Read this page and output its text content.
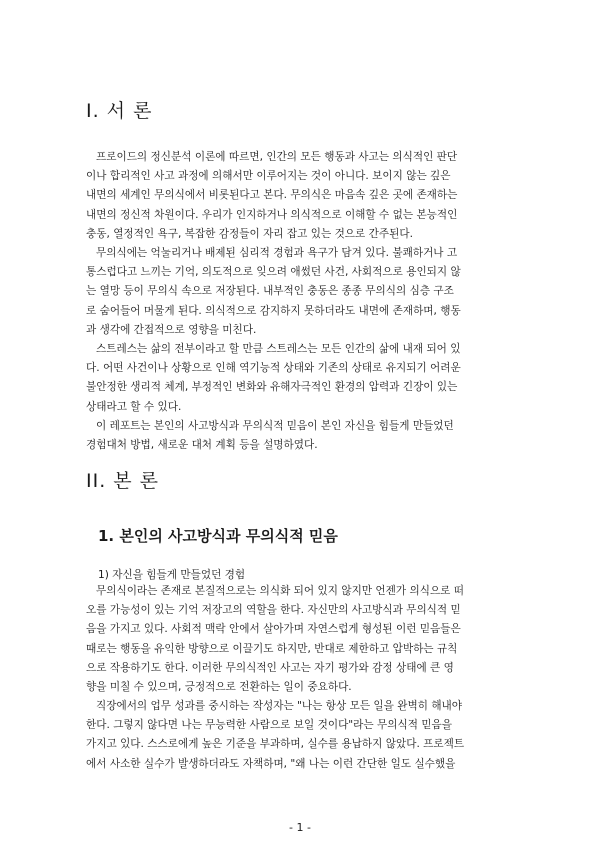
I. 서 론
프로이드의 정신분석 이론에 따르면, 인간의 모든 행동과 사고는 의식적인 판단
이나 합리적인 사고 과정에 의해서만 이루어지는 것이 아니다. 보이지 않는 깊은
내면의 세계인 무의식에서 비롯된다고 본다. 무의식은 마음속 깊은 곳에 존재하는
내면의 정신적 차원이다. 우리가 인지하거나 의식적으로 이해할 수 없는 본능적인
충동, 열정적인 욕구, 복잡한 감정들이 자리 잡고 있는 것으로 간주된다.
무의식에는 억눌리거나 배제된 심리적 경험과 욕구가 담겨 있다. 불쾌하거나 고
통스럽다고 느끼는 기억, 의도적으로 잊으려 애썼던 사건, 사회적으로 용인되지 않
는 열망 등이 무의식 속으로 저장된다. 내부적인 충동은 종종 무의식의 심층 구조
로 숨어들어 머물게 된다. 의식적으로 감지하지 못하더라도 내면에 존재하며, 행동
과 생각에 간접적으로 영향을 미친다.
스트레스는 삶의 전부이라고 할 만큼 스트레스는 모든 인간의 삶에 내재 되어 있
다. 어떤 사건이나 상황으로 인해 역기능적 상태와 기존의 상태로 유지되기 어려운
불안정한 생리적 체계, 부정적인 변화와 유해자극적인 환경의 압력과 긴장이 있는
상태라고 할 수 있다.
이 레포트는 본인의 사고방식과 무의식적 믿음이 본인 자신을 힘들게 만들었던
경험대처 방법, 새로운 대처 계획 등을 설명하였다.
II. 본 론
1. 본인의 사고방식과 무의식적 믿음
1) 자신을 힘들게 만들었던 경험
무의식이라는 존재로 본질적으로는 의식화 되어 있지 않지만 언젠가 의식으로 떠
오를 가능성이 있는 기억 저장고의 역할을 한다. 자신만의 사고방식과 무의식적 믿
음을 가지고 있다. 사회적 맥락 안에서 살아가며 자연스럽게 형성된 이런 믿음들은
때로는 행동을 유익한 방향으로 이끌기도 하지만, 반대로 제한하고 압박하는 규칙
으로 작용하기도 한다. 이러한 무의식적인 사고는 자기 평가와 감정 상태에 큰 영
향을 미칠 수 있으며, 긍정적으로 전환하는 일이 중요하다.
직장에서의 업무 성과를 중시하는 작성자는 "나는 항상 모든 일을 완벽히 해내야
한다. 그렇지 않다면 나는 무능력한 사람으로 보일 것이다"라는 무의식적 믿음을
가지고 있다. 스스로에게 높은 기준을 부과하며, 실수를 용납하지 않았다. 프로젝트
에서 사소한 실수가 발생하더라도 자책하며, "왜 나는 이런 간단한 일도 실수했을
- 1 -
